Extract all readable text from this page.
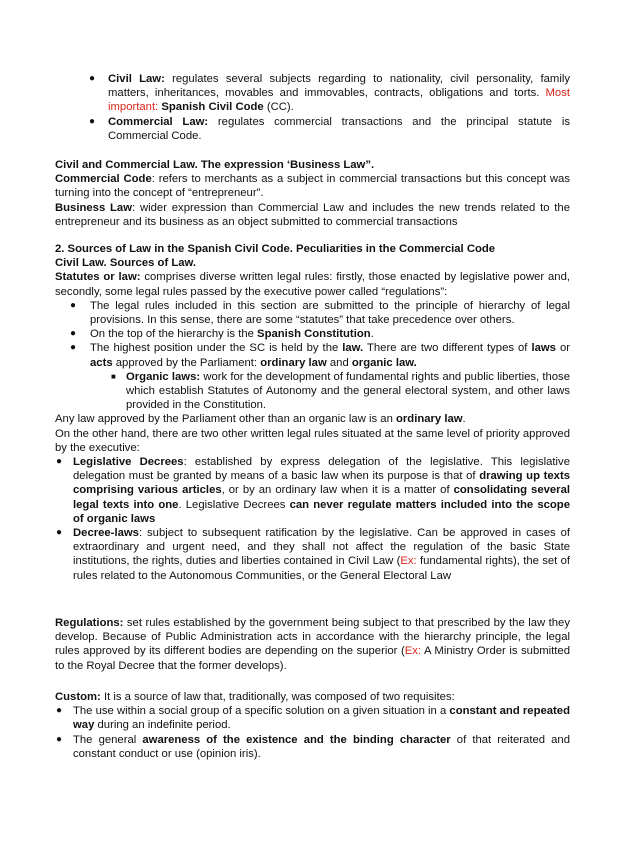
● Civil Law: regulates several subjects regarding to nationality, civil personality, family matters, inheritances, movables and immovables, contracts, obligations and torts. Most important: Spanish Civil Code (CC).
● Commercial Law: regulates commercial transactions and the principal statute is Commercial Code.

Civil and Commercial Law. The expression ‘Business Law”.

Commercial Code: refers to merchants as a subject in commercial transactions but this concept was turning into the concept of “entrepreneur”.

Business Law: wider expression than Commercial Law and includes the new trends related to the entrepreneur and its business as an object submitted to commercial transactions

2. Sources of Law in the Spanish Civil Code. Peculiarities in the Commercial Code

Civil Law. Sources of Law.

Statutes or law: comprises diverse written legal rules: firstly, those enacted by legislative power and, secondly, some legal rules passed by the executive power called “regulations”:

● The legal rules included in this section are submitted to the principle of hierarchy of legal provisions. In this sense, there are some “statutes” that take precedence over others.
● On the top of the hierarchy is the Spanish Constitution.
● The highest position under the SC is held by the law. There are two different types of laws or acts approved by the Parliament: ordinary law and organic law.
■ Organic laws: work for the development of fundamental rights and public liberties, those which establish Statutes of Autonomy and the general electoral system, and other laws provided in the Constitution.

Any law approved by the Parliament other than an organic law is an ordinary law.

On the other hand, there are two other written legal rules situated at the same level of priority approved by the executive:

● Legislative Decrees: established by express delegation of the legislative. This legislative delegation must be granted by means of a basic law when its purpose is that of drawing up texts comprising various articles, or by an ordinary law when it is a matter of consolidating several legal texts into one. Legislative Decrees can never regulate matters included into the scope of organic laws
● Decree-laws: subject to subsequent ratification by the legislative. Can be approved in cases of extraordinary and urgent need, and they shall not affect the regulation of the basic State institutions, the rights, duties and liberties contained in Civil Law (Ex: fundamental rights), the set of rules related to the Autonomous Communities, or the General Electoral Law

Regulations: set rules established by the government being subject to that prescribed by the law they develop. Because of Public Administration acts in accordance with the hierarchy principle, the legal rules approved by its different bodies are depending on the superior (Ex: A Ministry Order is submitted to the Royal Decree that the former develops).

Custom: It is a source of law that, traditionally, was composed of two requisites:

● The use within a social group of a specific solution on a given situation in a constant and repeated way during an indefinite period.
● The general awareness of the existence and the binding character of that reiterated and constant conduct or use (opinion iris).
